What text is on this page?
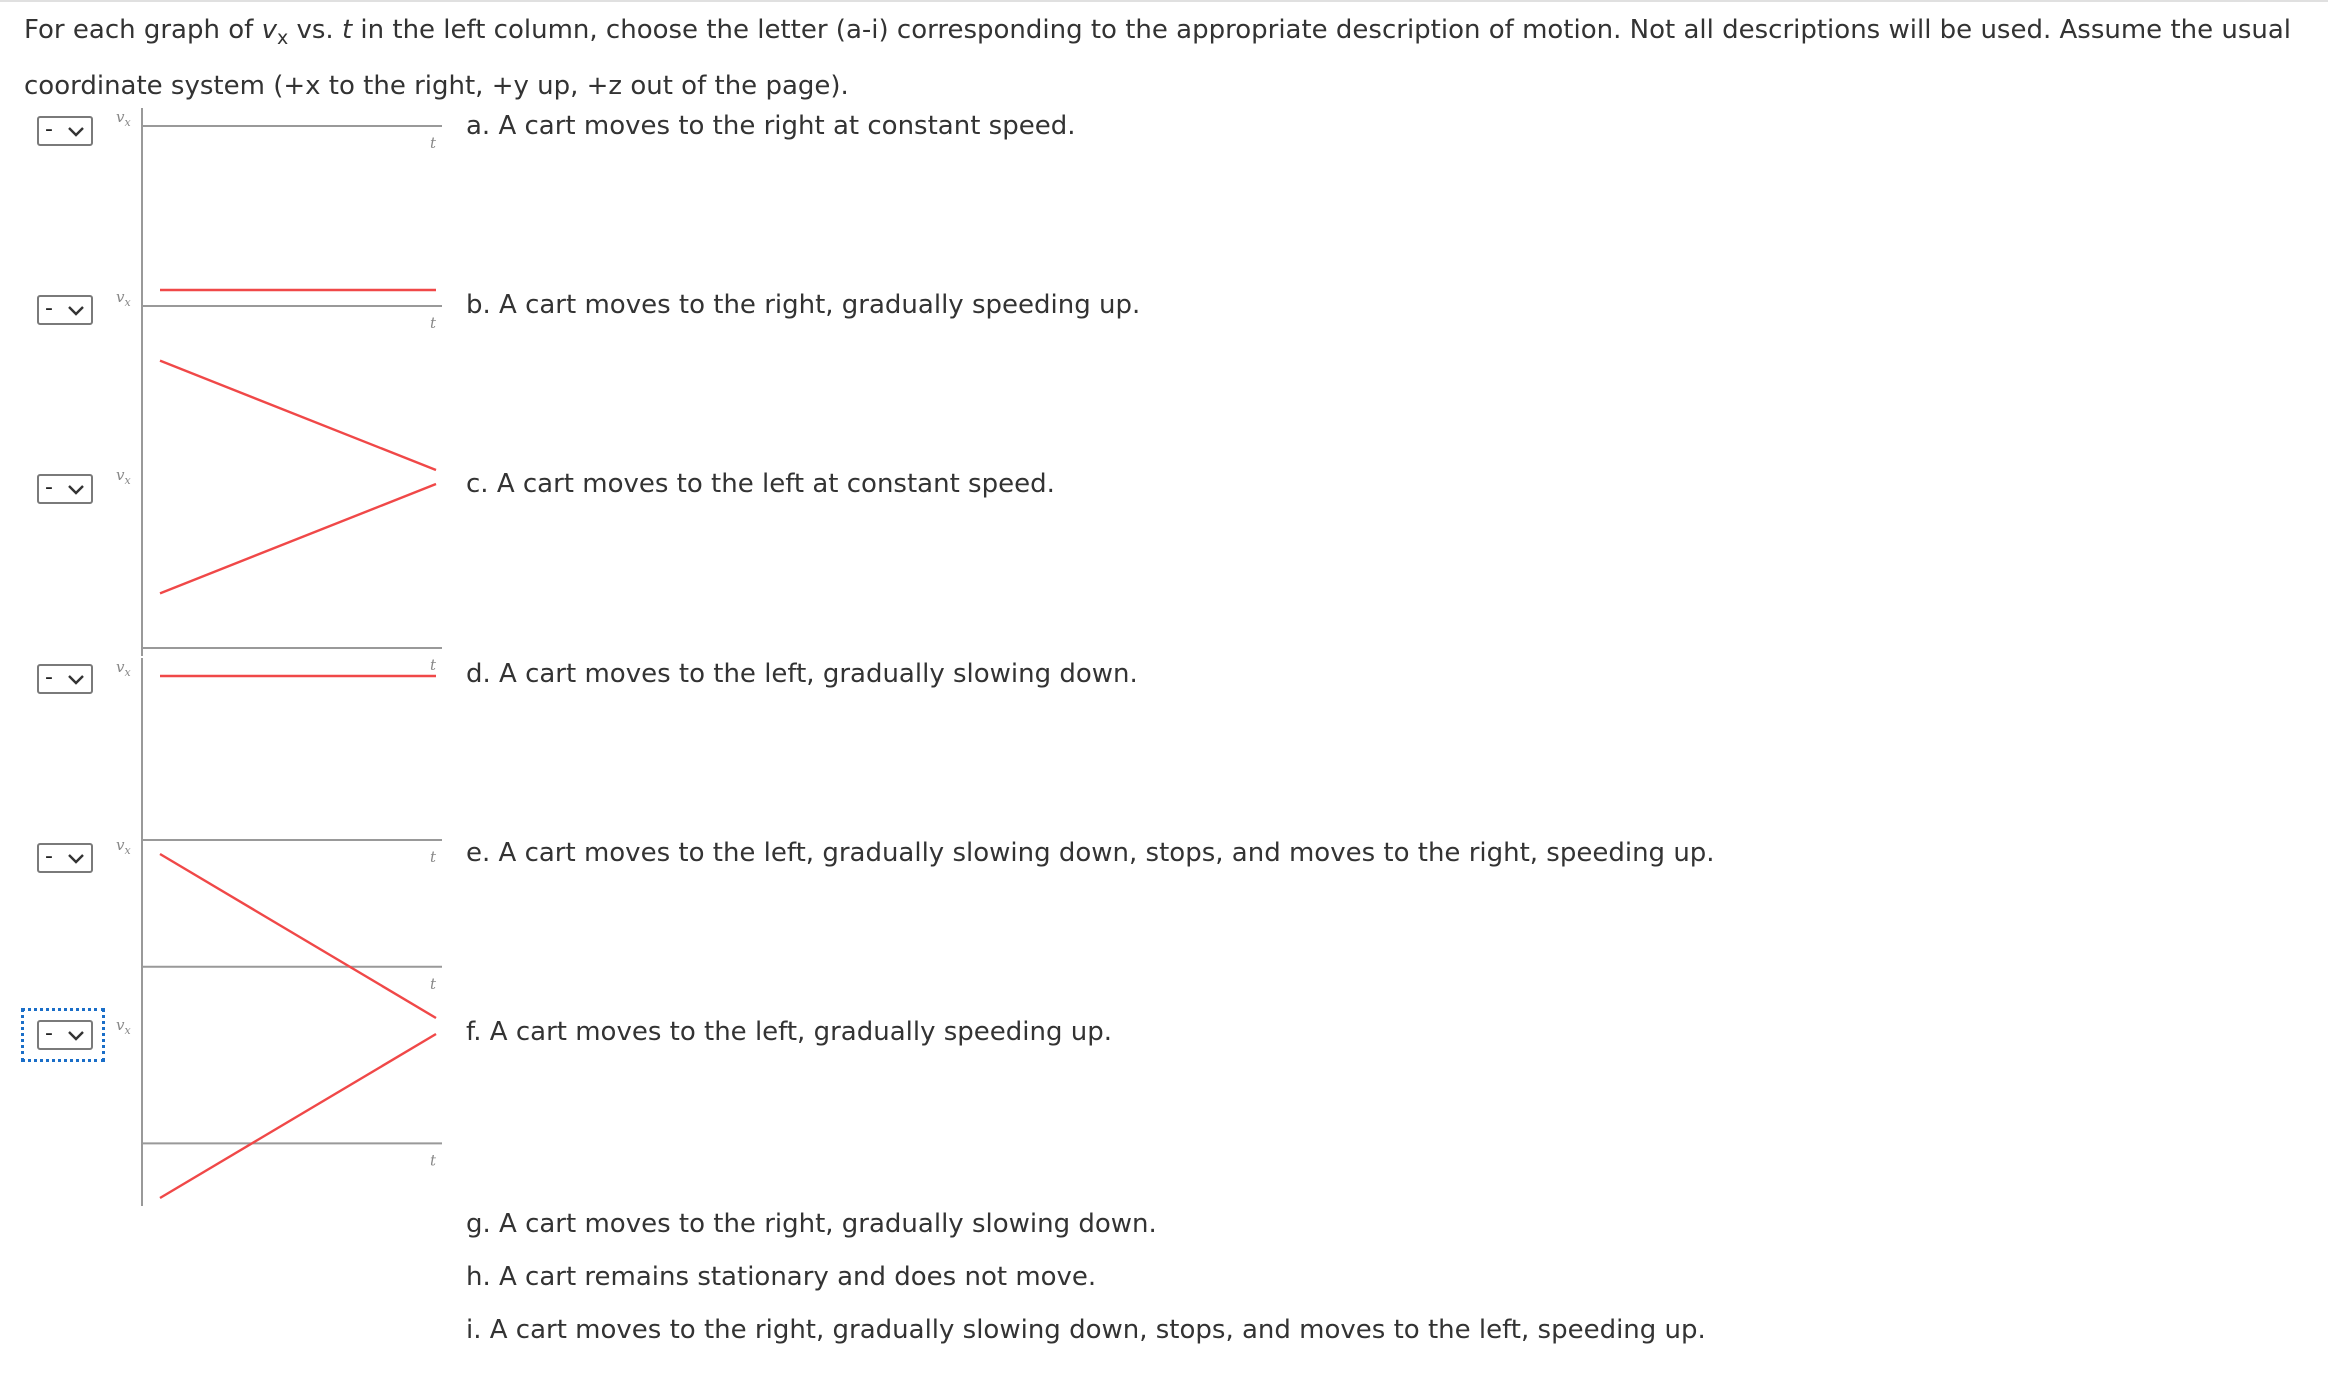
For each graph of $v_x$ vs. t in the left column, choose the letter (a-i) corresponding to the appropriate description of motion. Not all descriptions will be used. Assume the usual coordinate system (+x to the right, +y up, +z out of the page).
-	$v_x$
t
-	$v_x$
t
-	$v_x$
t
-	$v_x$
t
-	$v_x$
t
-	$v_x$
t
a. A cart moves to the right at constant speed.
b. A cart moves to the right, gradually speeding up.
c. A cart moves to the left at constant speed.
d. A cart moves to the left, gradually slowing down.
e. A cart moves to the left, gradually slowing down, stops, and moves to the right, speeding up.
f. A cart moves to the left, gradually speeding up.
g. A cart moves to the right, gradually slowing down.
h. A cart remains stationary and does not move.
i. A cart moves to the right, gradually slowing down, stops, and moves to the left, speeding up.
